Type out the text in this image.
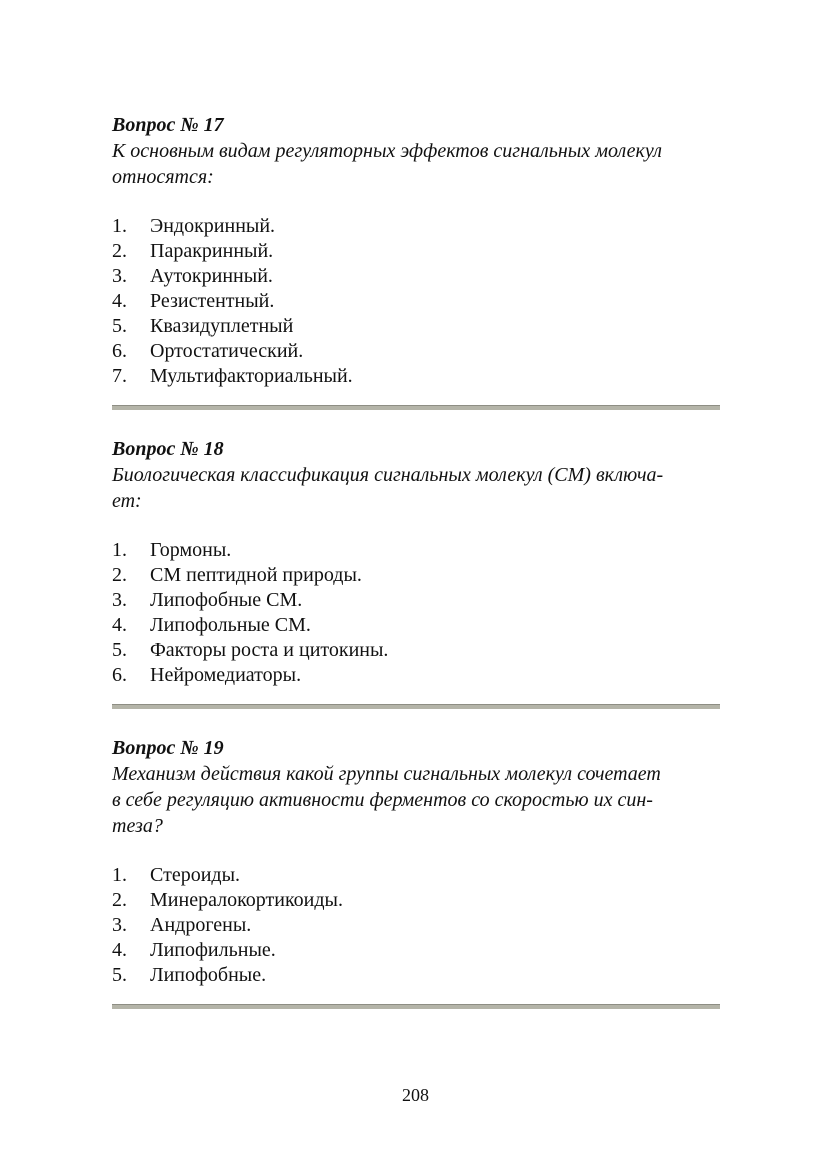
Вопрос № 17
К основным видам регуляторных эффектов сигнальных молекул
относятся:
1.	Эндокринный.
2.	Паракринный.
3.	Аутокринный.
4.	Резистентный.
5.	Квазидуплетный
6.	Ортостатический.
7.	Мультифакториальный.
Вопрос № 18
Биологическая классификация сигнальных молекул (СМ) включа-
ет:
1.	Гормоны.
2.	СМ пептидной природы.
3.	Липофобные СМ.
4.	Липофольные СМ.
5.	Факторы роста и цитокины.
6.	Нейромедиаторы.
Вопрос № 19
Механизм действия какой группы сигнальных молекул сочетает
в себе регуляцию активности ферментов со скоростью их син-
теза?
1.	Стероиды.
2.	Минералокортикоиды.
3.	Андрогены.
4.	Липофильные.
5.	Липофобные.
208
